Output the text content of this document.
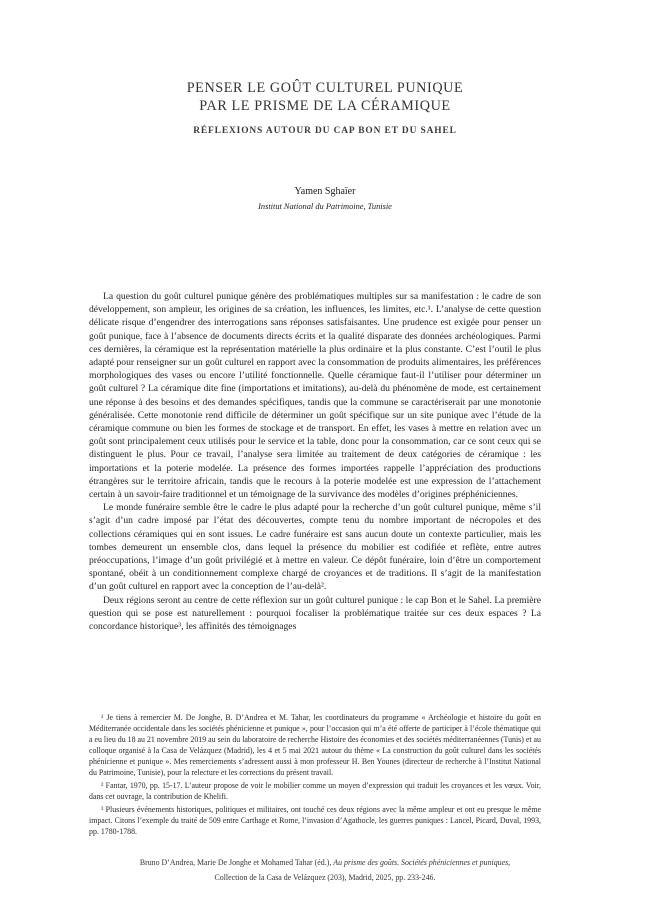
PENSER LE GOÛT CULTUREL PUNIQUE
PAR LE PRISME DE LA CÉRAMIQUE
RÉFLEXIONS AUTOUR DU CAP BON ET DU SAHEL
Yamen Sghaïer
Institut National du Patrimoine, Tunisie

La question du goût culturel punique génère des problématiques multiples sur sa manifestation : le cadre de son développement, son ampleur, les origines de sa création, les influences, les limites, etc.¹. L’analyse de cette question délicate risque d’engendrer des interrogations sans réponses satisfaisantes. Une prudence est exigée pour penser un goût punique, face à l’absence de documents directs écrits et la qualité disparate des données archéologiques. Parmi ces dernières, la céramique est la représentation matérielle la plus ordinaire et la plus constante. C’est l’outil le plus adapté pour renseigner sur un goût culturel en rapport avec la consommation de produits alimentaires, les préférences morphologiques des vases ou encore l’utilité fonctionnelle. Quelle céramique faut-il l’utiliser pour déterminer un goût culturel ? La céramique dite fine (importations et imitations), au-delà du phénomène de mode, est certainement une réponse à des besoins et des demandes spécifiques, tandis que la commune se caractériserait par une monotonie généralisée. Cette monotonie rend difficile de déterminer un goût spécifique sur un site punique avec l’étude de la céramique commune ou bien les formes de stockage et de transport. En effet, les vases à mettre en relation avec un goût sont principalement ceux utilisés pour le service et la table, donc pour la consommation, car ce sont ceux qui se distinguent le plus. Pour ce travail, l’analyse sera limitée au traitement de deux catégories de céramique : les importations et la poterie modelée. La présence des formes importées rappelle l’appréciation des productions étrangères sur le territoire africain, tandis que le recours à la poterie modelée est une expression de l’attachement certain à un savoir-faire traditionnel et un témoignage de la survivance des modèles d’origines préphéniciennes.

Le monde funéraire semble être le cadre le plus adapté pour la recherche d’un goût culturel punique, même s’il s’agit d’un cadre imposé par l’état des découvertes, compte tenu du nombre important de nécropoles et des collections céramiques qui en sont issues. Le cadre funéraire est sans aucun doute un contexte particulier, mais les tombes demeurent un ensemble clos, dans lequel la présence du mobilier est codifiée et reflète, entre autres préoccupations, l’image d’un goût privilégié et à mettre en valeur. Ce dépôt funéraire, loin d’être un comportement spontané, obéit à un conditionnement complexe chargé de croyances et de traditions. Il s’agit de la manifestation d’un goût culturel en rapport avec la conception de l’au-delà².

Deux régions seront au centre de cette réflexion sur un goût culturel punique : le cap Bon et le Sahel. La première question qui se pose est naturellement : pourquoi focaliser la problématique traitée sur ces deux espaces ? La concordance historique³, les affinités des témoignages

¹ Je tiens à remercier M. De Jonghe, B. D’Andrea et M. Tahar, les coordinateurs du programme « Archéologie et histoire du goût en Méditerranée occidentale dans les sociétés phénicienne et punique », pour l’occasion qui m’a été offerte de participer à l’école thématique qui a eu lieu du 18 au 21 novembre 2019 au sein du laboratoire de recherche Histoire des économies et des sociétés méditerranéennes (Tunis) et au colloque organisé à la Casa de Velázquez (Madrid), les 4 et 5 mai 2021 autour du thème « La construction du goût culturel dans les sociétés phénicienne et punique ». Mes remerciements s’adressent aussi à mon professeur H. Ben Younes (directeur de recherche à l’Institut National du Patrimoine, Tunisie), pour la relecture et les corrections du présent travail.

² Fantar, 1970, pp. 15-17. L’auteur propose de voir le mobilier comme un moyen d’expression qui traduit les croyances et les vœux. Voir, dans cet ouvrage, la contribution de Khelifi.

³ Plusieurs événements historiques, politiques et militaires, ont touché ces deux régions avec la même ampleur et ont eu presque le même impact. Citons l’exemple du traité de 509 entre Carthage et Rome, l’invasion d’Agathocle, les guerres puniques : Lancel, Picard, Duval, 1993, pp. 1780-1788.

Bruno D’Andrea, Marie De Jonghe et Mohamed Tahar (éd.), Au prisme des goûts. Sociétés phéniciennes et puniques,
Collection de la Casa de Velázquez (203), Madrid, 2025, pp. 233-246.
